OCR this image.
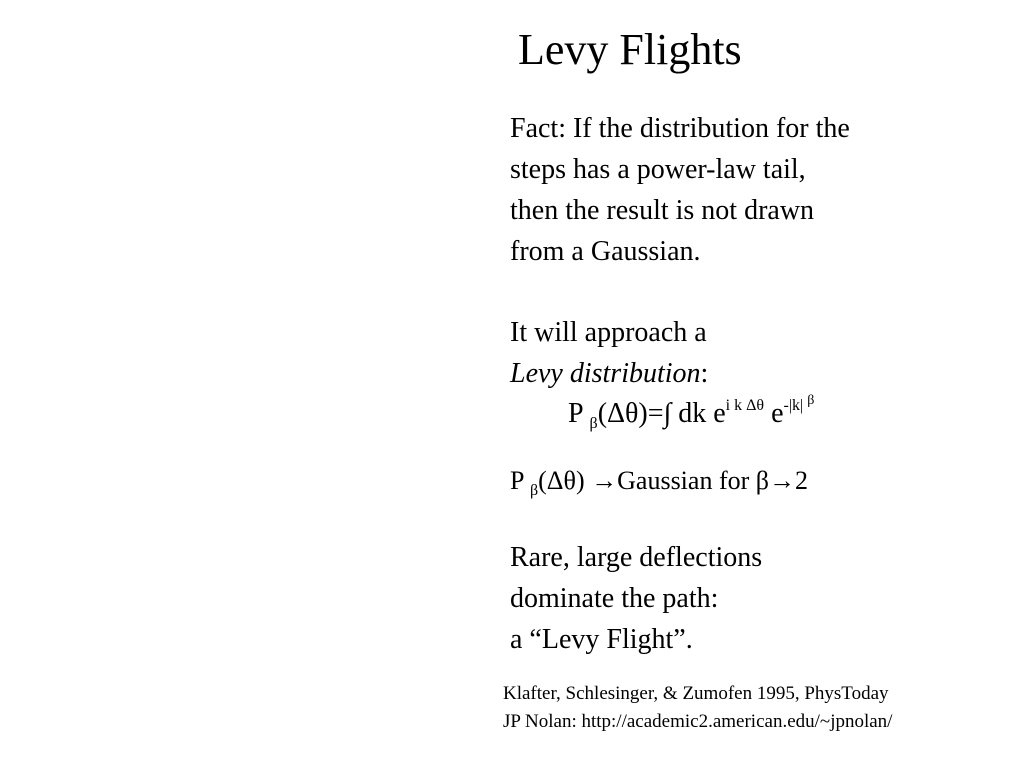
Levy Flights
Fact: If the distribution for the
steps has a power-law tail,
then the result is not drawn
from a Gaussian.
It will approach a
Levy distribution:
P $_\beta$(Δθ)=∫ dk $e^{i k \Delta\theta}$ $e^{-|k|}$ $^\beta$
P $_\beta$(Δθ) →Gaussian for β→2
Rare, large deflections
dominate the path:
a “Levy Flight”.
Klafter, Schlesinger, & Zumofen 1995, PhysToday
JP Nolan: http://academic2.american.edu/~jpnolan/
